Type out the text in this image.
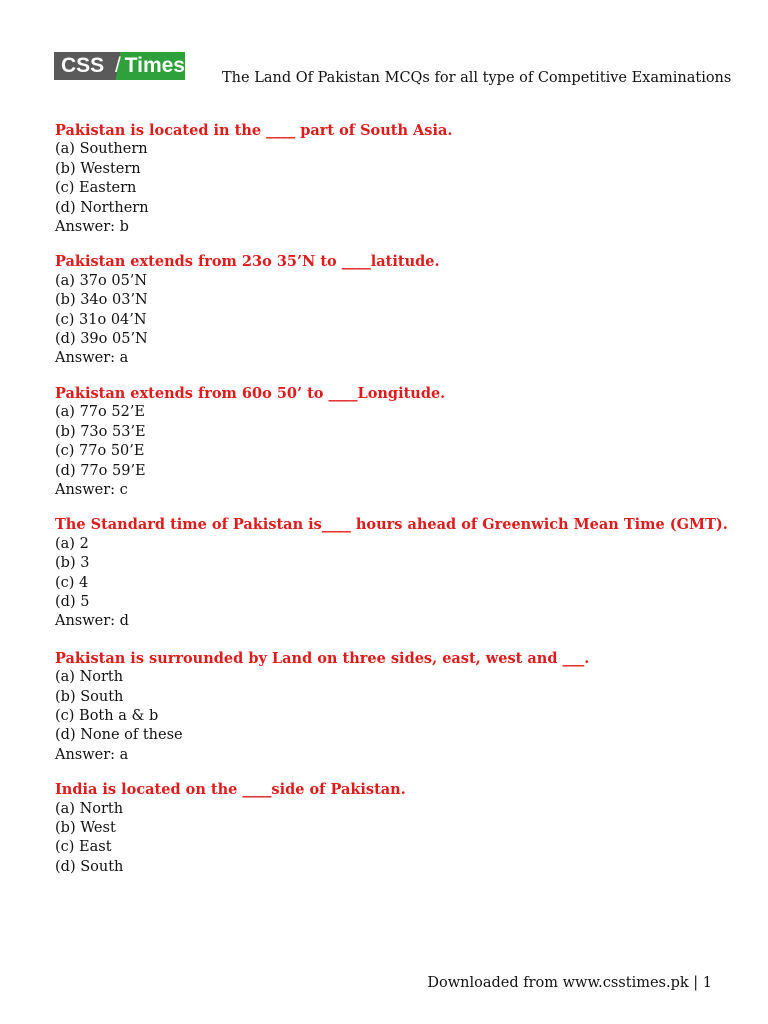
CSS / Times
The Land Of Pakistan MCQs for all type of Competitive Examinations
Pakistan is located in the ____ part of South Asia.
(a) Southern
(b) Western
(c) Eastern
(d) Northern
Answer: b
Pakistan extends from 23o 35’N to ____latitude.
(a) 37o 05’N
(b) 34o 03’N
(c) 31o 04’N
(d) 39o 05’N
Answer: a
Pakistan extends from 60o 50’ to ____Longitude.
(a) 77o 52’E
(b) 73o 53’E
(c) 77o 50’E
(d) 77o 59’E
Answer: c
The Standard time of Pakistan is____ hours ahead of Greenwich Mean Time (GMT).
(a) 2
(b) 3
(c) 4
(d) 5
Answer: d
Pakistan is surrounded by Land on three sides, east, west and ___.
(a) North
(b) South
(c) Both a & b
(d) None of these
Answer: a
India is located on the ____side of Pakistan.
(a) North
(b) West
(c) East
(d) South
Downloaded from www.csstimes.pk | 1
